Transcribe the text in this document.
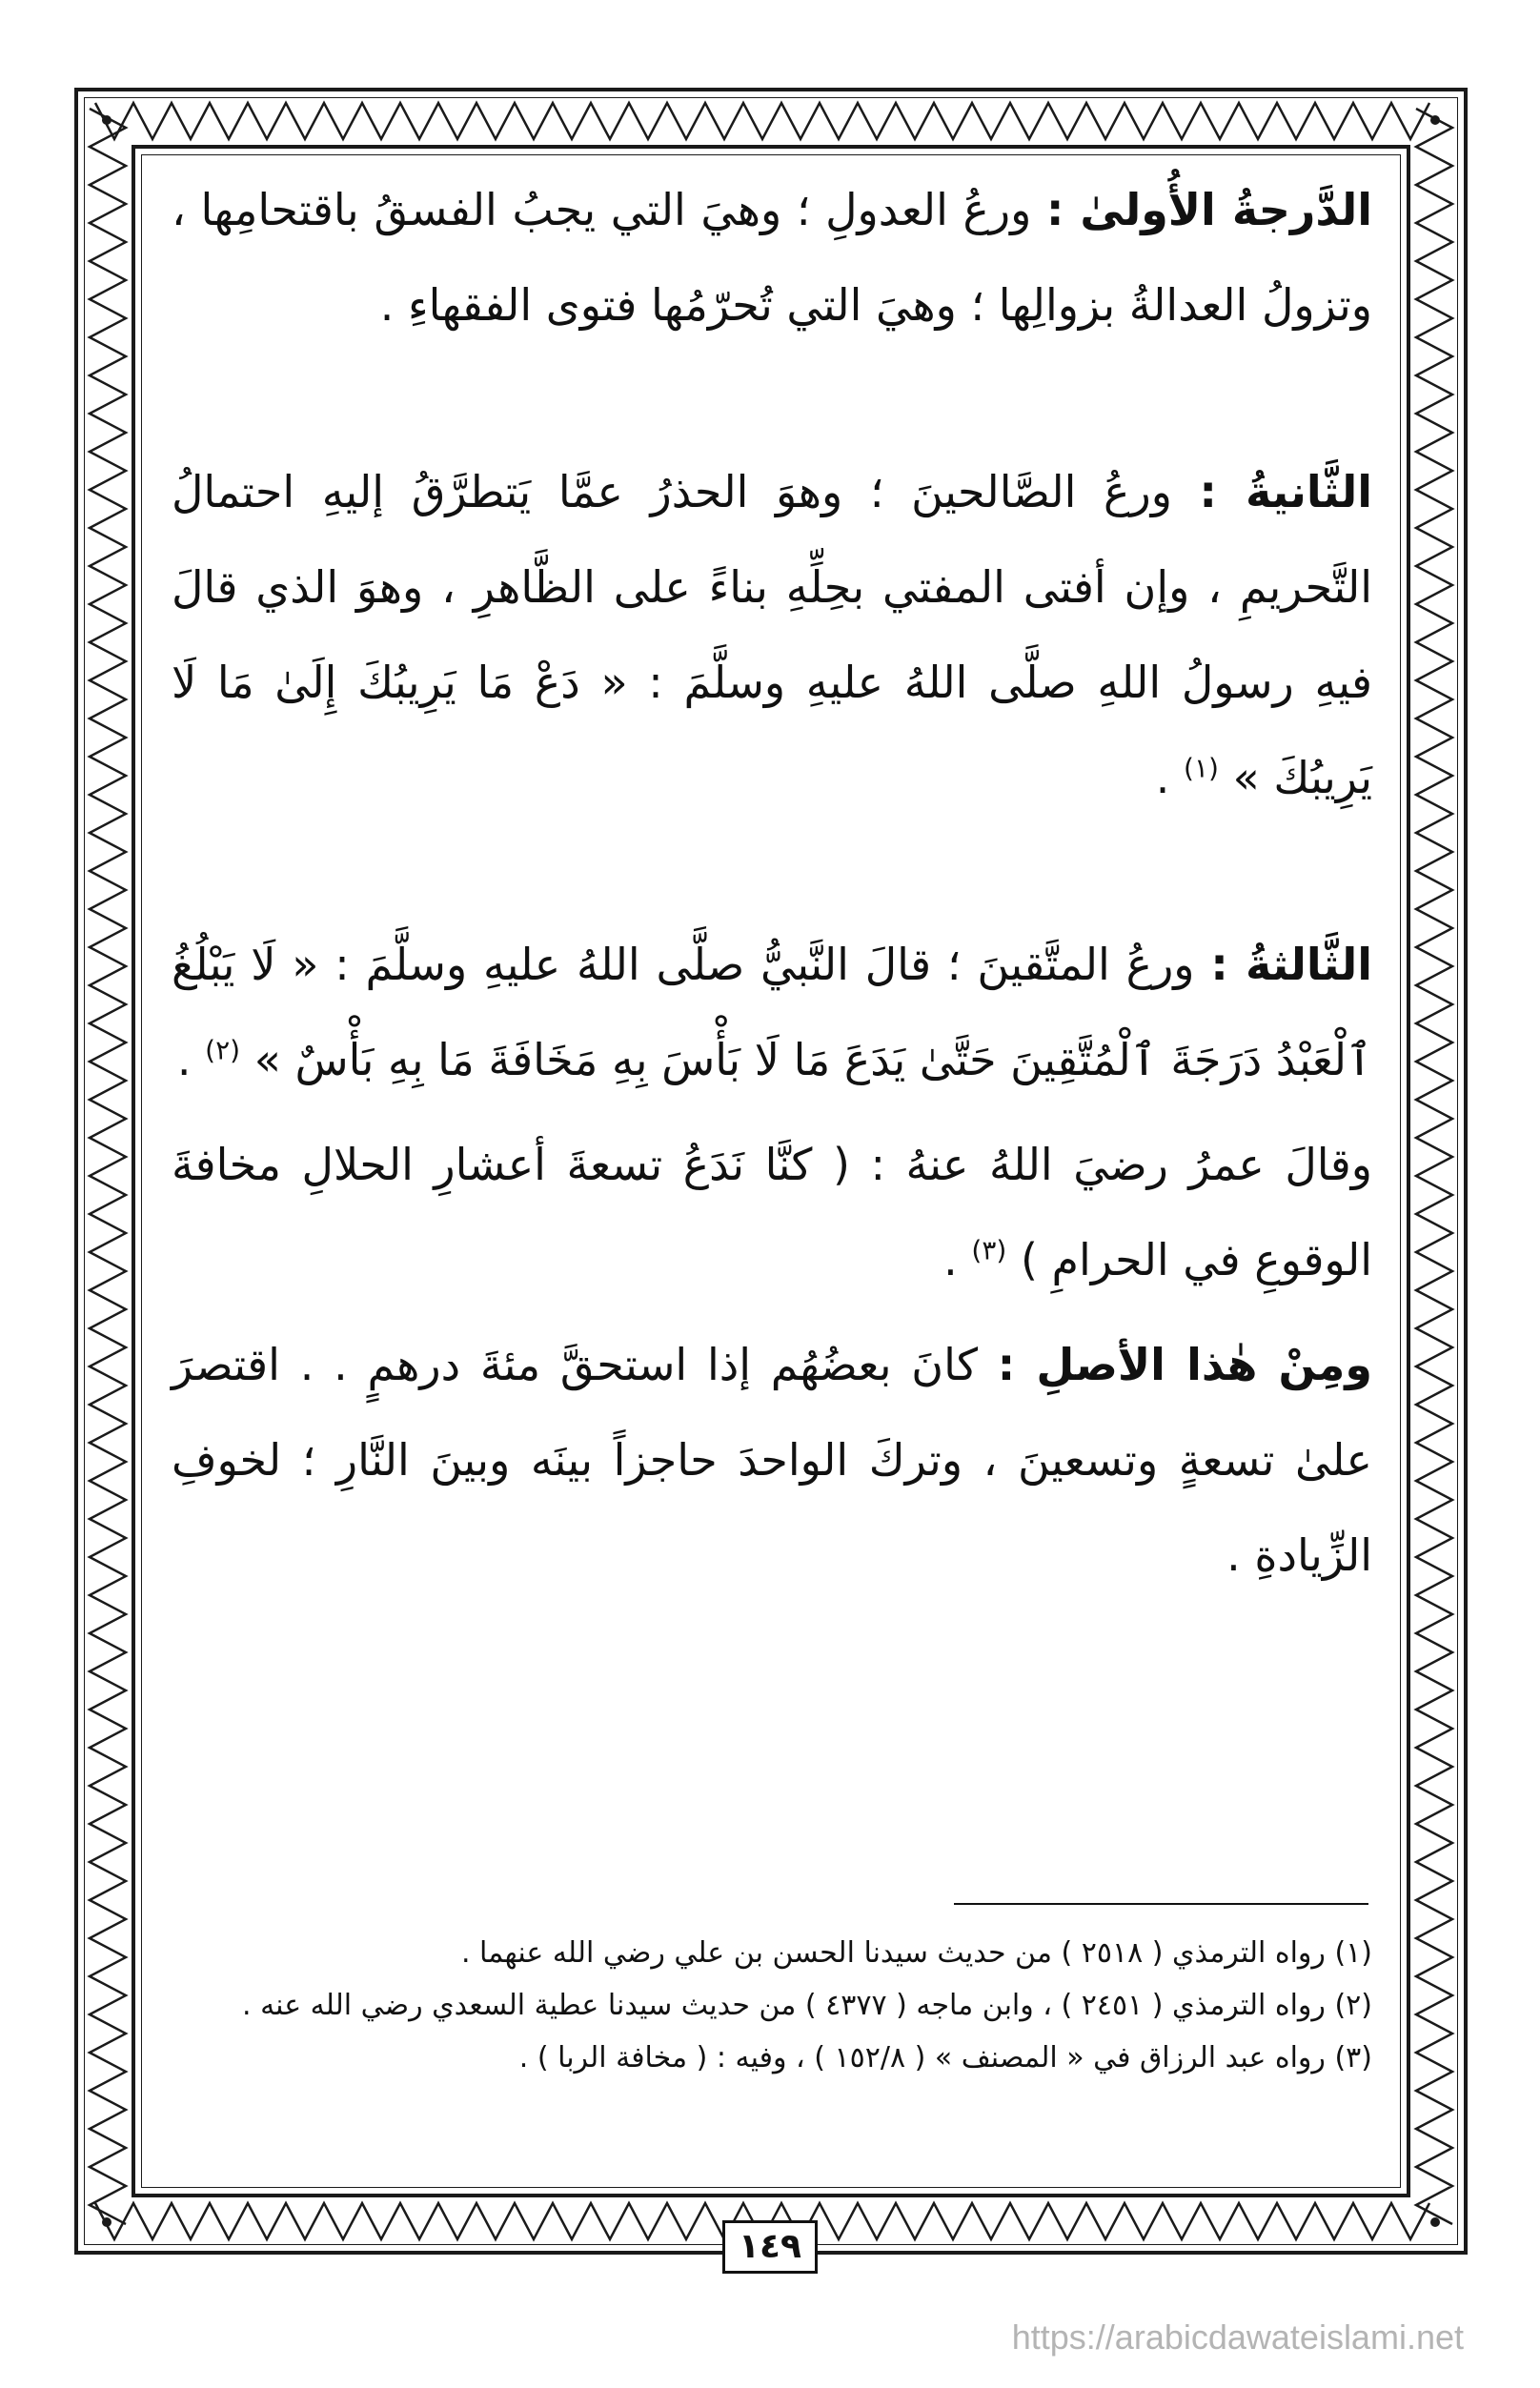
الدَّرجةُ الأُولىٰ : ورعُ العدولِ ؛ وهيَ التي يجبُ الفسقُ باقتحامِها ، وتزولُ العدالةُ بزوالِها ؛ وهيَ التي تُحرّمُها فتوى الفقهاءِ .

الثَّانيةُ : ورعُ الصَّالحينَ ؛ وهوَ الحذرُ عمَّا يَتطرَّقُ إليهِ احتمالُ التَّحريمِ ، وإن أفتى المفتي بحِلِّهِ بناءً على الظَّاهرِ ، وهوَ الذي قالَ فيهِ رسولُ اللهِ صلَّى اللهُ عليهِ وسلَّمَ : « دَعْ مَا يَرِيبُكَ إِلَىٰ مَا لَا يَرِيبُكَ » $^{(١)}$ .

الثَّالثةُ : ورعُ المتَّقينَ ؛ قالَ النَّبيُّ صلَّى اللهُ عليهِ وسلَّمَ : « لَا يَبْلُغُ ٱلْعَبْدُ دَرَجَةَ ٱلْمُتَّقِينَ حَتَّىٰ يَدَعَ مَا لَا بَأْسَ بِهِ مَخَافَةَ مَا بِهِ بَأْسٌ » $^{(٢)}$ .

وقالَ عمرُ رضيَ اللهُ عنهُ : ( كنَّا نَدَعُ تسعةَ أعشارِ الحلالِ مخافةَ الوقوعِ في الحرامِ ) $^{(٣)}$ .

ومِنْ هٰذا الأصلِ : كانَ بعضُهُم إذا استحقَّ مئةَ درهمٍ . . اقتصرَ علىٰ تسعةٍ وتسعينَ ، وتركَ الواحدَ حاجزاً بينَه وبينَ النَّارِ ؛ لخوفِ الزِّيادةِ .

(١) رواه الترمذي ( ٢٥١٨ ) من حديث سيدنا الحسن بن علي رضي الله عنهما .
(٢) رواه الترمذي ( ٢٤٥١ ) ، وابن ماجه ( ٤٣٧٧ ) من حديث سيدنا عطية السعدي رضي الله عنه .
(٣) رواه عبد الرزاق في « المصنف » ( ١٥٢/٨ ) ، وفيه : ( مخافة الربا ) .
١٤٩
https://arabicdawateislami.net
